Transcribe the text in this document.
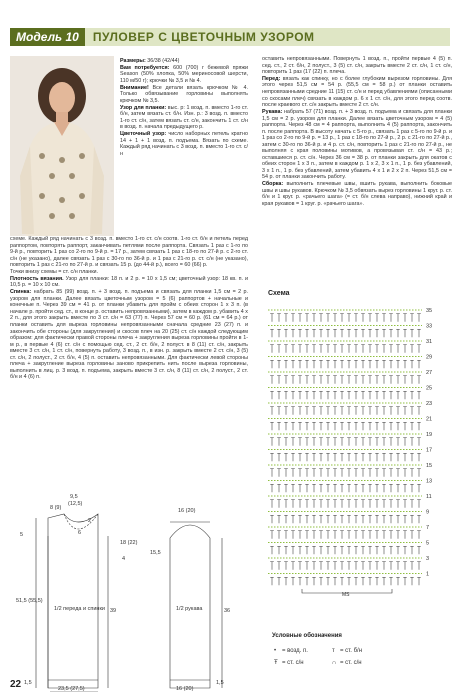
Модель 10	ПУЛОВЕР С ЦВЕТОЧНЫМ УЗОРОМ

Размеры: 36/38 (42/44)

Вам потребуется: 600 (700) г бежевой пряжи Season (50% хлопка, 50% мериносовой шерсти, 110 м/50 г); крючки № 3,5 и № 4.

Внимание! Все детали вязать крючком № 4. Только обвязывание горловины выполнять крючком № 3,5.

Узор для планки: выс. р: 1 возд. п. вместо 1-го ст. б/н, затем вязать ст. б/н. Изн. р.: 3 возд. п. вместо 1-го ст. с/н, затем вязать ст. с/н, закончить 1 ст. с/н в возд. п. начала предыдущего р.

Цветочный узор: число наборных петель кратно 14 + 1 + 1 возд. п. подъема. Вязать по схеме. Каждый ряд начинать с 3 возд. п. вместо 1-го ст. с/н

схеме. Каждый ряд начинать с 3 возд. п. вместо 1-го ст. с/н соотв. 1-го ст. б/н и петель перед раппортом, повторять раппорт, заканчивать петлями после раппорта. Связать 1 раз с 1-го по 9-й р., повторить 1 раз со 2-го по 9-й р. = 17 р., затем связать 1 раз с 18-го по 27-й р. с 2-го ст. с/н (не указано), далее связать 1 раз с 30-го по 36-й р. и 1 раз с 21-го р. ст. с/н (не указано), повторить 1 раз с 21-го по 27-й р. и связать 15 р. (до 44-й р.), всего = 60 (66) р.

Точки внизу схемы = ст. с/н планки.

Плотность вязания. Узор для планки: 18 п. и 2 р. = 10 х 1,5 см; цветочный узор: 18 кв. п. и 10,5 р. = 10 х 10 см.

Спинка: набрать 85 (99) возд. п. + 3 возд. п. подъема и связать для планки 1,5 см = 2 р. узором для планки. Далее вязать цветочным узором = 5 (6) раппортов + начальные и конечные п. Через 39 см = 41 р. от планки убавить для пройм с обеих сторон 1 х 3 п. (в начале р. пройти сед. ст., в конце р. оставить непровязанными), затем в каждом р. убавить 4 х 2 п., для этого закрыть вместе по 3 ст. с/н = 63 (77) п. Через 57 см = 60 р. (61 см = 64 р.) от планки оставить для выреза горловины непровязанными сначала средние 23 (27) п. и закончить обе стороны (для закругления) и скосов плеч на 20 (25) ст. с/н каждой следующим образом: для фактически правой стороны плеча + закругления выреза горловины пройти в 1-м р., в первые 4 (6) ст. с/н с помощью сед. ст., 2 ст. б/н, 2 полуст. в 8 (11) ст. с/н, закрыть вместе 3 ст. с/н, 1 ст. с/н, повернуть работу, 3 возд. п., в изн. р. закрыть вместе 2 ст. с/н, 3 (5) ст. с/н, 2 полуст., 2 ст. б/н, 4 (5) п. оставить непровязанными. Для фактически левой стороны плеча + закругление выреза горловины заново прикрепить нить после выреза горловины, выполнить в лиц. р. 3 возд. п. подъема, закрыть вместе 3 ст. с/н, 8 (11) ст. с/н, 2 полуст., 2 ст. б/н и 4 (6) п.

оставить непровязанными. Повернуть 1 возд. п., пройти первые 4 (5) п. сед. ст., 2 ст. б/н, 2 полуст., 3 (5) ст. с/н, закрыть вместе 2 ст. с/н, 1 ст. с/н, повторить 1 раз (17 (22) п. плеча.

Перед: вязать как спинку, но с более глубоким вырезом горловины. Для этого через 51,5 см = 54 р. (55,5 см = 58 р.) от планки оставить непровязанными средние 11 (15) ст. с/н и перед убавлениями (описанными со скосами плеч) связать в каждом р. 6 х 1 ст. с/н, для этого перед соотв. после краевого ст. с/н закрыть вместе 2 ст. с/н.

Рукава: набрать 57 (71) возд. п. + 3 возд. п. подъема и связать для планки 1,5 см = 2 р. узором для планки. Далее вязать цветочным узором = 4 (5) раппорта. Через 48 см = 4 раппорта, выполнить 4 (5) раппорта, закончить п. после раппорта. В высоту начать с 5-го р., связать 1 раз с 5-го по 9-й р. и 1 раз со 2-го по 9-й р. = 13 р., 1 раз с 18-го по 27-й р., 2 р. с 21-го по 27-й р., затем с 30-го по 36-й р. и 4 р. ст. с/н, повторить 1 раз с 21-го по 27-й р., не выполняя с края половины мотивов, а провязывая ст. с/н = 43 р.; оставшиеся р. ст. с/н. Через 36 см = 38 р. от планки закрыть для окатов с обеих сторон 1 х 3 п., затем в каждом р. 1 х 2, 3 х 1 п., 1 р. без убавлений, 3 х 1 п., 1 р. без убавлений, затем убавить 4 х 1 и 2 х 2 п. Через 51,5 см = 54 р. от планки закончить работу.

Сборка: выполнить плечевые швы, вшить рукава, выполнить боковые швы и швы рукавов. Крючком № 3,5 обвязать вырез горловины 1 круг. р. ст. б/н и 1 круг. р. «рачьего шага» (= ст. б/н слева направо), нижний край и края рукавов = 1 круг. р. «рачьего шага».

Схема
35
33
31
29
27
25
23
21
19
17
15
13
11
9
7
5
3
1
МS
Условные обозначения
• = возд. п.	т = ст. б/н
Ŧ = ст. с/н	∩ = ст. с/н
9,5
(12,5)
8 (9)
2
6
18 (22)
4
5
51,5 (55,5)
39
1,5
23,5 (27,5)
1/2 переда и спинки
16 (20)
15,5
36
1/2 рукава
16 (20)
1,5
22
